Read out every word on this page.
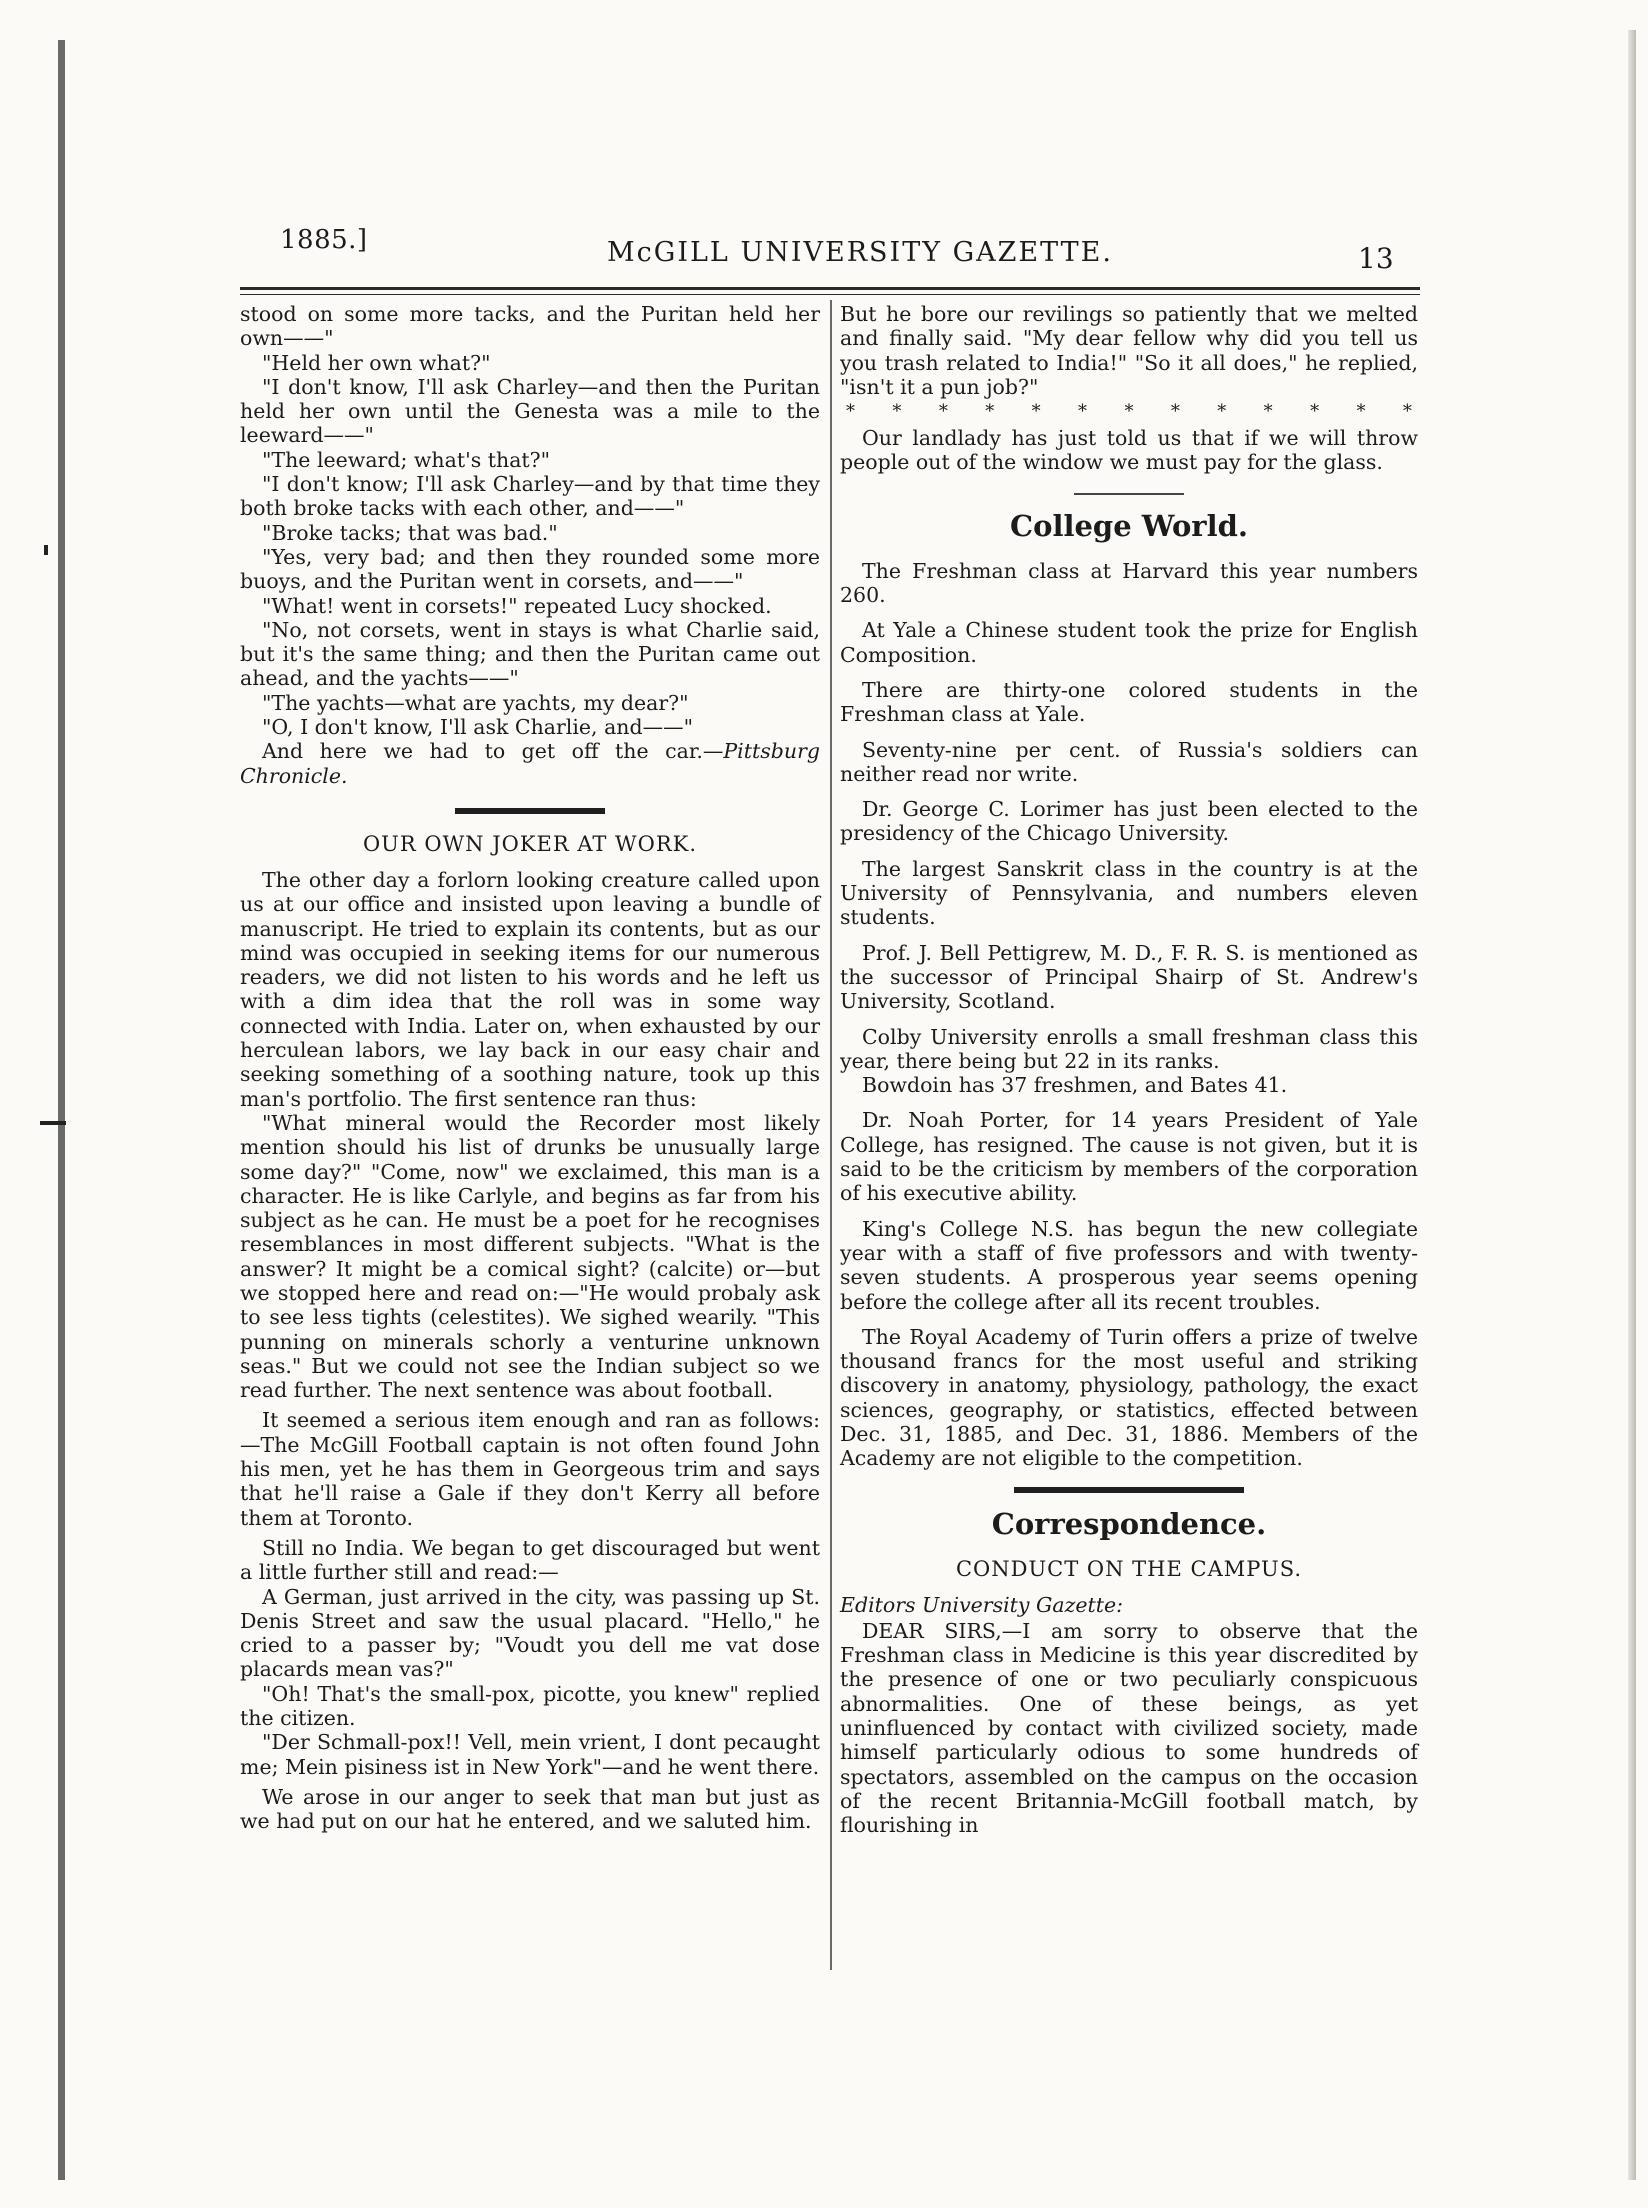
1885.]	McGILL UNIVERSITY GAZETTE.	13

stood on some more tacks, and the Puritan held her own——"

"Held her own what?"

"I don't know, I'll ask Charley—and then the Puritan held her own until the Genesta was a mile to the leeward——"

"The leeward; what's that?"

"I don't know; I'll ask Charley—and by that time they both broke tacks with each other, and——"

"Broke tacks; that was bad."

"Yes, very bad; and then they rounded some more buoys, and the Puritan went in corsets, and——"

"What! went in corsets!" repeated Lucy shocked.

"No, not corsets, went in stays is what Charlie said, but it's the same thing; and then the Puritan came out ahead, and the yachts——"

"The yachts—what are yachts, my dear?"

"O, I don't know, I'll ask Charlie, and——"

And here we had to get off the car.—Pittsburg Chronicle.

OUR OWN JOKER AT WORK.

The other day a forlorn looking creature called upon us at our office and insisted upon leaving a bundle of manuscript. He tried to explain its contents, but as our mind was occupied in seeking items for our numerous readers, we did not listen to his words and he left us with a dim idea that the roll was in some way connected with India. Later on, when exhausted by our herculean labors, we lay back in our easy chair and seeking something of a soothing nature, took up this man's portfolio. The first sentence ran thus:

"What mineral would the Recorder most likely mention should his list of drunks be unusually large some day?" "Come, now" we exclaimed, this man is a character. He is like Carlyle, and begins as far from his subject as he can. He must be a poet for he recognises resemblances in most different subjects. "What is the answer? It might be a comical sight? (calcite) or—but we stopped here and read on:—"He would probaly ask to see less tights (celestites). We sighed wearily. "This punning on minerals schorly a venturine unknown seas." But we could not see the Indian subject so we read further. The next sentence was about football.

It seemed a serious item enough and ran as follows:—The McGill Football captain is not often found John his men, yet he has them in Georgeous trim and says that he'll raise a Gale if they don't Kerry all before them at Toronto.

Still no India. We began to get discouraged but went a little further still and read:—

A German, just arrived in the city, was passing up St. Denis Street and saw the usual placard. "Hello," he cried to a passer by; "Voudt you dell me vat dose placards mean vas?"

"Oh! That's the small-pox, picotte, you knew" replied the citizen.

"Der Schmall-pox!! Vell, mein vrient, I dont pecaught me; Mein pisiness ist in New York"—and he went there.

We arose in our anger to seek that man but just as we had put on our hat he entered, and we saluted him.

But he bore our revilings so patiently that we melted and finally said. "My dear fellow why did you tell us you trash related to India!" "So it all does," he replied, "isn't it a pun job?"

* * * * * * * * * * * * *

Our landlady has just told us that if we will throw people out of the window we must pay for the glass.

College World.

The Freshman class at Harvard this year numbers 260.

At Yale a Chinese student took the prize for English Composition.

There are thirty-one colored students in the Freshman class at Yale.

Seventy-nine per cent. of Russia's soldiers can neither read nor write.

Dr. George C. Lorimer has just been elected to the presidency of the Chicago University.

The largest Sanskrit class in the country is at the University of Pennsylvania, and numbers eleven students.

Prof. J. Bell Pettigrew, M. D., F. R. S. is mentioned as the successor of Principal Shairp of St. Andrew's University, Scotland.

Colby University enrolls a small freshman class this year, there being but 22 in its ranks.

Bowdoin has 37 freshmen, and Bates 41.

Dr. Noah Porter, for 14 years President of Yale College, has resigned. The cause is not given, but it is said to be the criticism by members of the corporation of his executive ability.

King's College N.S. has begun the new collegiate year with a staff of five professors and with twenty-seven students. A prosperous year seems opening before the college after all its recent troubles.

The Royal Academy of Turin offers a prize of twelve thousand francs for the most useful and striking discovery in anatomy, physiology, pathology, the exact sciences, geography, or statistics, effected between Dec. 31, 1885, and Dec. 31, 1886. Members of the Academy are not eligible to the competition.

Correspondence.
CONDUCT ON THE CAMPUS.

Editors University Gazette:

DEAR SIRS,—I am sorry to observe that the Freshman class in Medicine is this year discredited by the presence of one or two peculiarly conspicuous abnormalities. One of these beings, as yet uninfluenced by contact with civilized society, made himself particularly odious to some hundreds of spectators, assembled on the campus on the occasion of the recent Britannia-McGill football match, by flourishing in
